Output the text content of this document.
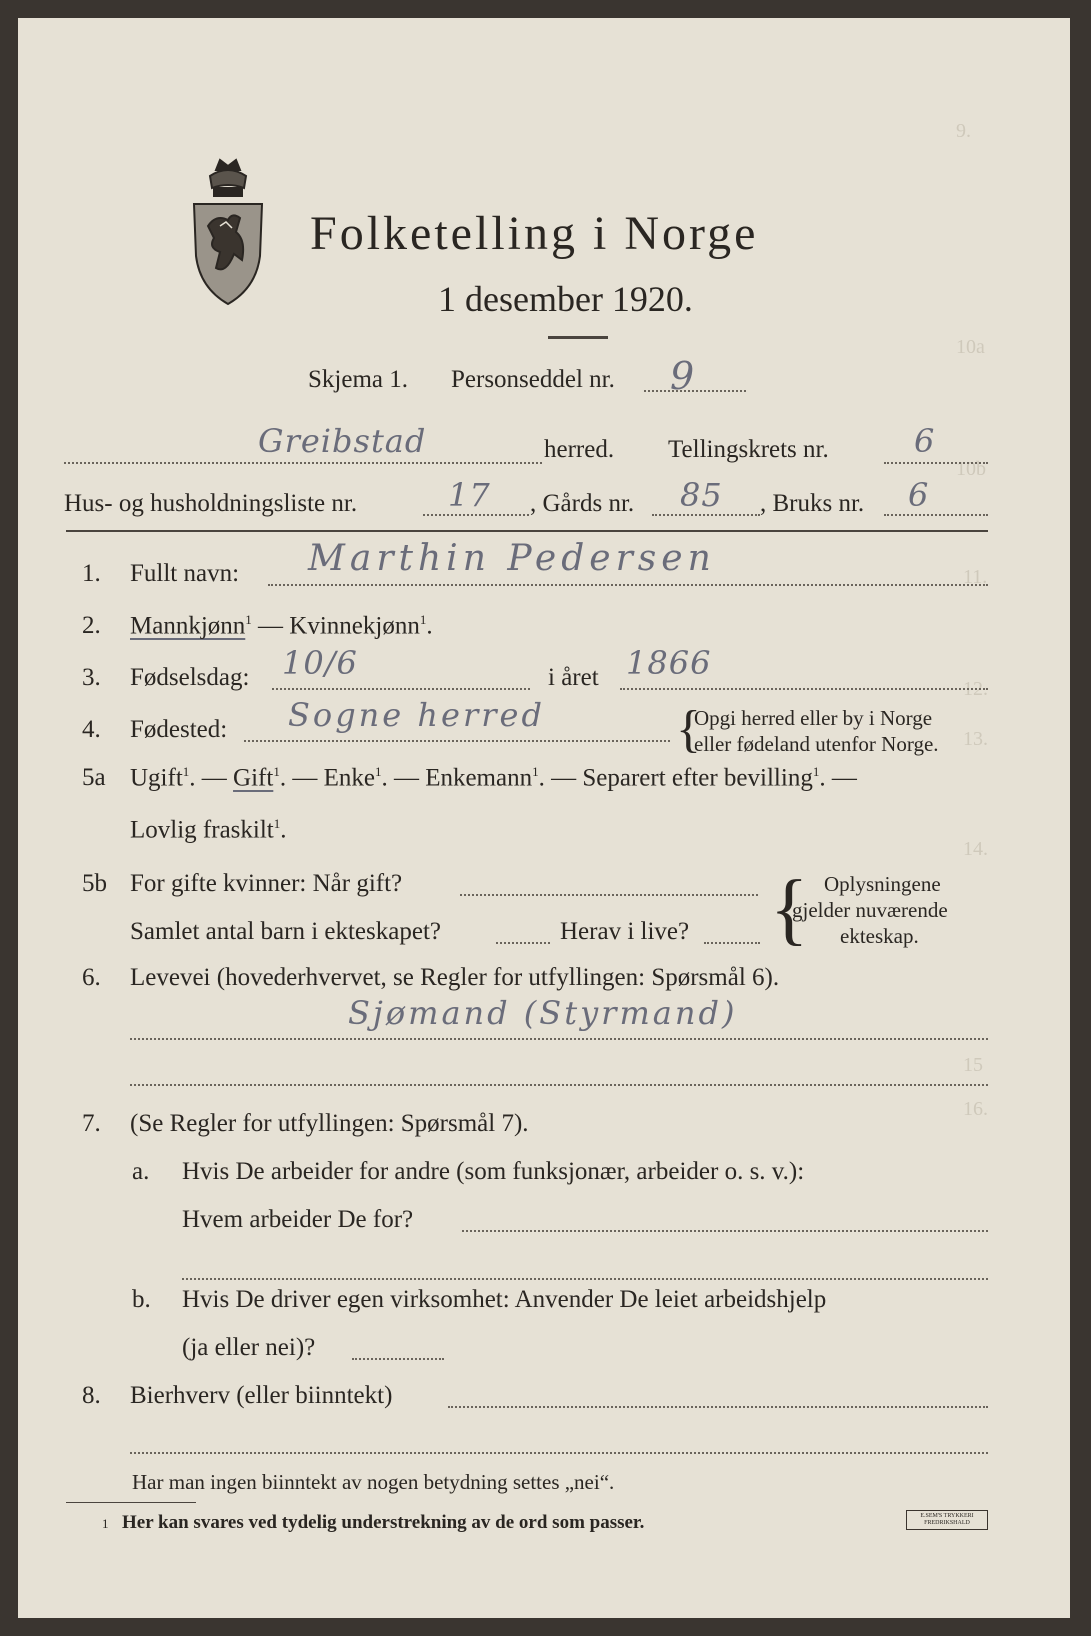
9.
10a
10b
11.
12.
13.
14.
15
16.
Folketelling i Norge
1 desember 1920.
Skjema 1. Personseddel nr. 9
Greibstad	herred. Tellingskrets nr.	6
Hus- og husholdningsliste nr.	17 , Gårds nr. 85 , Bruks nr. 6
1. Fullt navn: Marthin Pedersen
2. Mannkjønn$^1$ — Kvinnekjønn$^1$.
3. Fødselsdag: 10/6	i året 1866
4. Fødested: Sogne herred	{
Opgi herred eller by i Norge
eller fødeland utenfor Norge.
5a Ugift$^1$. — Gift$^1$. — Enke$^1$. — Enkemann$^1$. — Separert efter bevilling$^1$. —
Lovlig fraskilt$^1$.
5b For gifte kvinner: Når gift?
Samlet antal barn i ekteskapet?	Herav i live? { Oplysningene
gjelder nuværende
ekteskap.
6. Levevei (hovederhvervet, se Regler for utfyllingen: Spørsmål 6).
Sjømand (Styrmand)
7. (Se Regler for utfyllingen: Spørsmål 7).
a. Hvis De arbeider for andre (som funksjonær, arbeider o. s. v.):
Hvem arbeider De for?
b. Hvis De driver egen virksomhet: Anvender De leiet arbeidshjelp
(ja eller nei)?
8. Bierhverv (eller biinntekt)
Har man ingen biinntekt av nogen betydning settes „nei“.
1 Her kan svares ved tydelig understrekning av de ord som passer.	E.SEM'S TRYKKERI
FREDRIKSHALD
